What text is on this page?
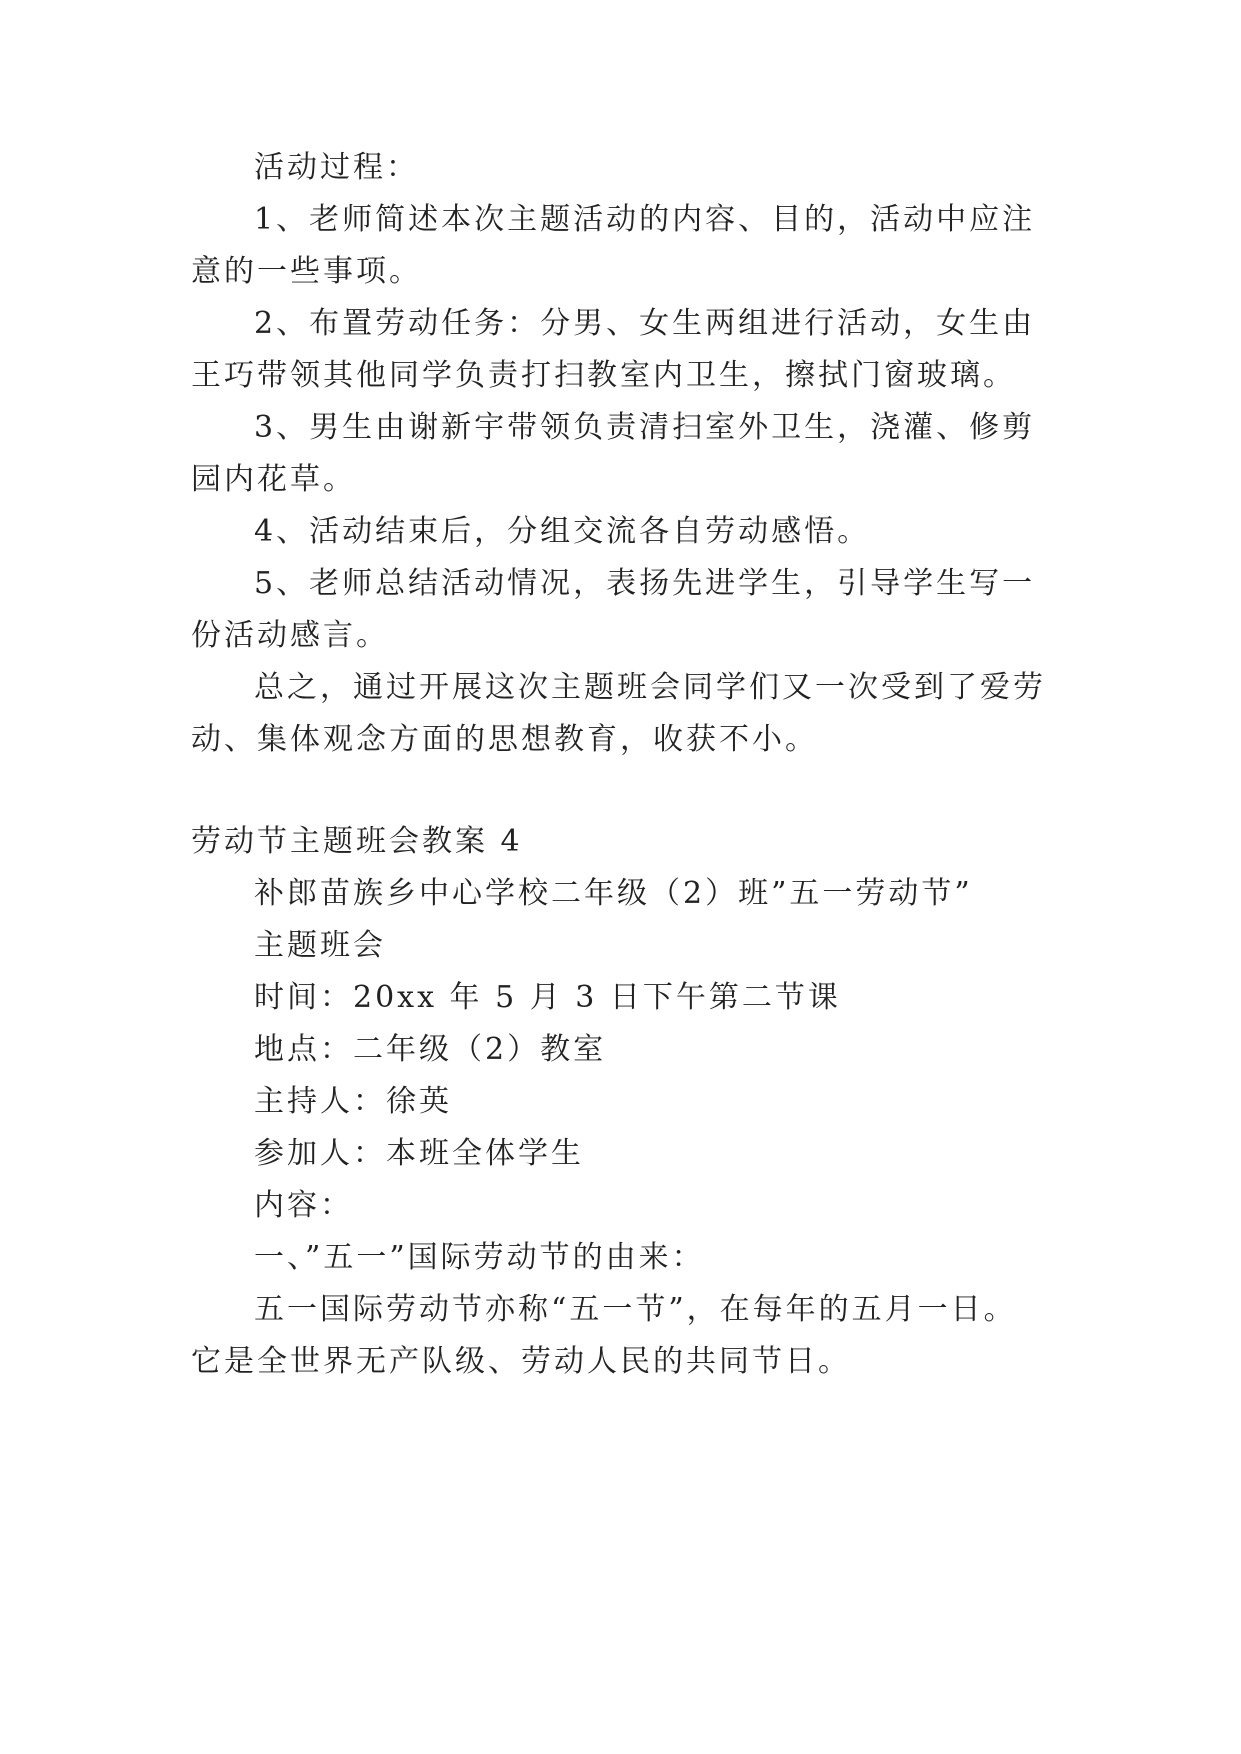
活动过程：
1、老师简述本次主题活动的内容、目的，活动中应注
意的一些事项。
2、布置劳动任务：分男、女生两组进行活动，女生由
王巧带领其他同学负责打扫教室内卫生，擦拭门窗玻璃。
3、男生由谢新宇带领负责清扫室外卫生，浇灌、修剪
园内花草。
4、活动结束后，分组交流各自劳动感悟。
5、老师总结活动情况，表扬先进学生，引导学生写一
份活动感言。
总之，通过开展这次主题班会同学们又一次受到了爱劳
动、集体观念方面的思想教育，收获不小。
劳动节主题班会教案 4
补郎苗族乡中心学校二年级（2）班”五一劳动节”
主题班会
时间：20xx 年 5 月 3 日下午第二节课
地点：二年级（2）教室
主持人：徐英
参加人：本班全体学生
内容：
一、”五一”国际劳动节的由来：
五一国际劳动节亦称“五一节”，在每年的五月一日。
它是全世界无产队级、劳动人民的共同节日。
